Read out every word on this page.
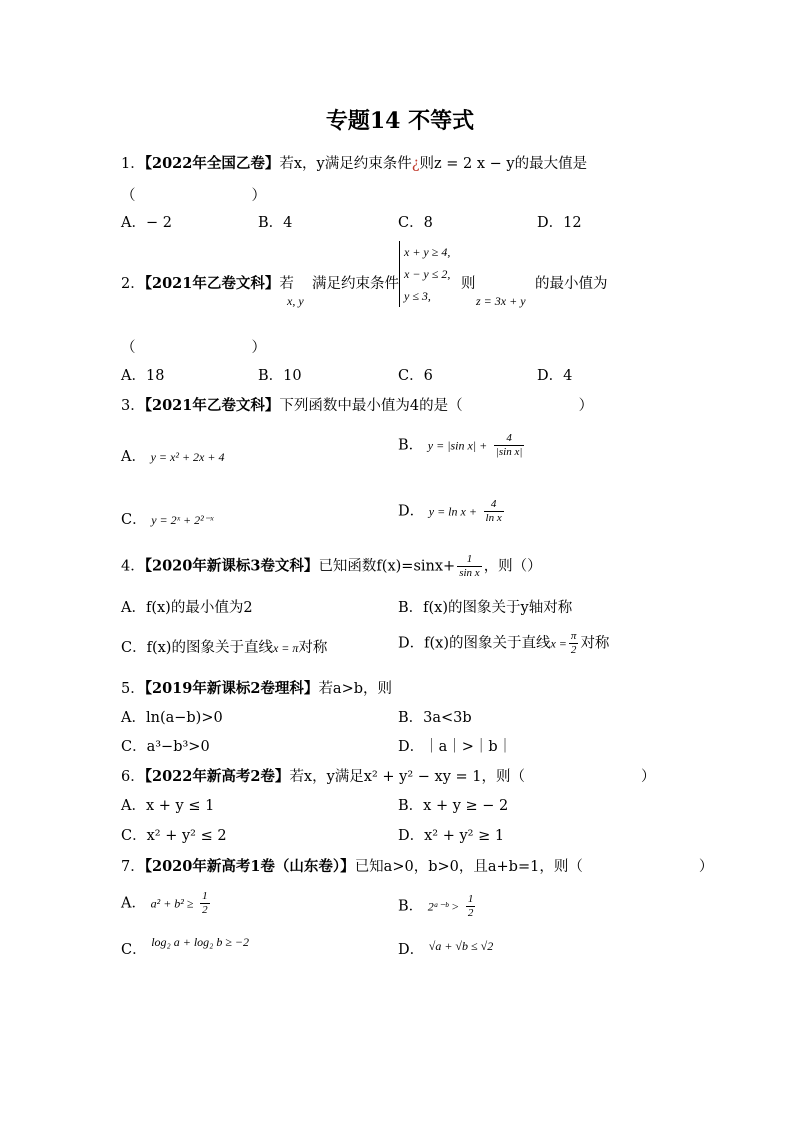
专题14 不等式
1．【2022年全国乙卷】若x，y满足约束条件¿则z = 2 x − y的最大值是
（　　　　　　　　）
A．− 2	B．4	C．8	D．12
2．【2021年乙卷文科】若
x, y
满足约束条件
x + y ≥ 4,
x − y ≤ 2,
y ≤ 3,
则
z = 3x + y
的最小值为
（　　　　　　　　）
A．18	B．10	C．6	D．4
3．【2021年乙卷文科】下列函数中最小值为4的是（　　　　　　　　）
A． y = x² + 2x + 4
B． y = |sin $x| + \frac{4}{\text{|sin x|}}$
C． y = 2ˣ + 2²⁻ˣ
D． $y = \ln x + \frac{4}{\text{ln x}}$
4．【2020年新课标3卷文科】已知函数$f(x)=\sin x+ \frac{1}{\text{sin x}}$ ，则（）
A．f(x)的最小值为2	B．f(x)的图象关于y轴对称
C．f(x)的图象关于直线x = π对称	D．f(x)的图象关于直线$x = \frac{\pi}{2}$ 对称
5．【2019年新课标2卷理科】若a>b，则
A．ln(a−b)>0	B．3a<3b
C．a³−b³>0	D．｜a｜>｜b｜
6．【2022年新高考2卷】若x，y满足x² + y² − xy = 1，则（　　　　　　　　）
A．x + y ≤ 1	B．x + y ≥ − 2
C．x² + y² ≤ 2	D．x² + y² ≥ 1
7．【2020年新高考1卷（山东卷）】已知a>0，b>0，且a+b=1，则（　　　　　　　　）
A． $a^2 + b^2 \ge \frac{1}{2}$	B． 2ᵃ⁻ᵇ > $\frac{1}{2}$
C． $^{log_2 a + log_2 b \ge -2}$	D． $^{√a + √b \le √2}$
